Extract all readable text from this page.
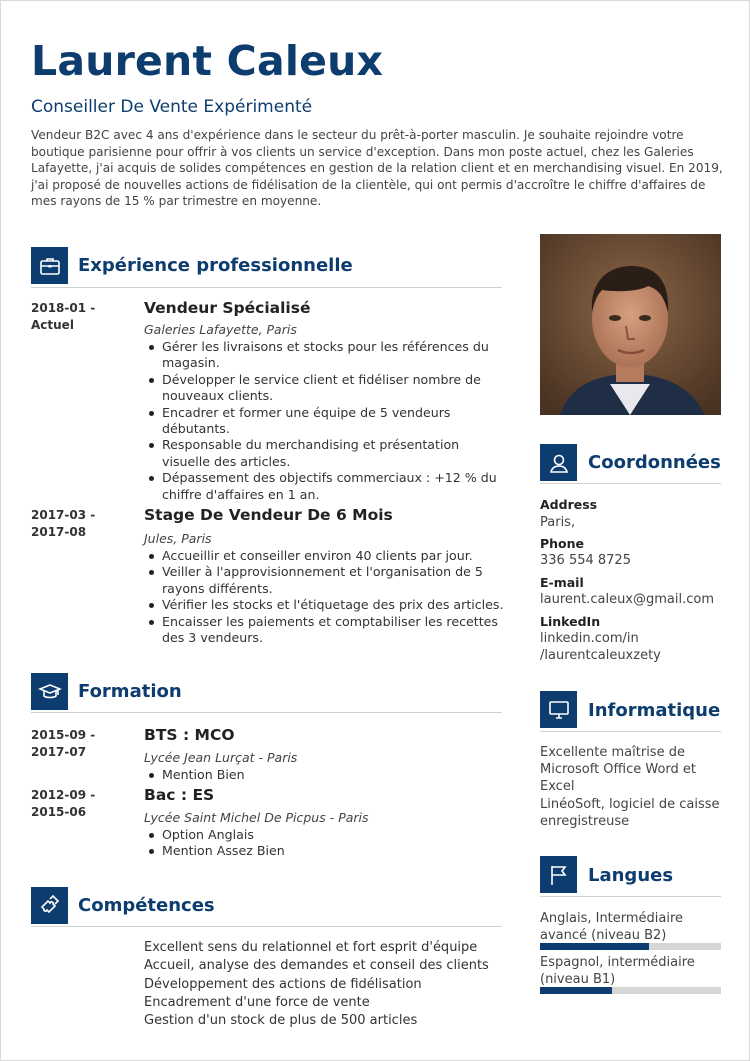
Laurent Caleux
Conseiller De Vente Expérimenté
Vendeur B2C avec 4 ans d'expérience dans le secteur du prêt-à-porter masculin. Je souhaite rejoindre votre boutique parisienne pour offrir à vos clients un service d'exception. Dans mon poste actuel, chez les Galeries Lafayette, j'ai acquis de solides compétences en gestion de la relation client et en merchandising visuel. En 2019, j'ai proposé de nouvelles actions de fidélisation de la clientèle, qui ont permis d'accroître le chiffre d'affaires de mes rayons de 15 % par trimestre en moyenne.
Expérience professionnelle
2018-01 -
Actuel
Vendeur Spécialisé
Galeries Lafayette, Paris
Gérer les livraisons et stocks pour les références du magasin.
Développer le service client et fidéliser nombre de nouveaux clients.
Encadrer et former une équipe de 5 vendeurs débutants.
Responsable du merchandising et présentation visuelle des articles.
Dépassement des objectifs commerciaux : +12 % du chiffre d'affaires en 1 an.
2017-03 -
2017-08
Stage De Vendeur De 6 Mois
Jules, Paris
Accueillir et conseiller environ 40 clients par jour.
Veiller à l'approvisionnement et l'organisation de 5 rayons différents.
Vérifier les stocks et l'étiquetage des prix des articles.
Encaisser les paiements et comptabiliser les recettes des 3 vendeurs.
Formation
2015-09 -
2017-07
BTS : MCO
Lycée Jean Lurçat - Paris
Mention Bien
2012-09 -
2015-06
Bac : ES
Lycée Saint Michel De Picpus - Paris
Option Anglais
Mention Assez Bien
Compétences
Excellent sens du relationnel et fort esprit d'équipe
Accueil, analyse des demandes et conseil des clients
Développement des actions de fidélisation
Encadrement d'une force de vente
Gestion d'un stock de plus de 500 articles
Coordonnées
Address
Paris,
Phone
336 554 8725
E-mail
laurent.caleux@gmail.com
LinkedIn
linkedin.com/in
/laurentcaleuxzety
Informatique
Excellente maîtrise de Microsoft Office Word et Excel
LinéoSoft, logiciel de caisse enregistreuse
Langues
Anglais, Intermédiaire avancé (niveau B2)
Espagnol, intermédiaire (niveau B1)
